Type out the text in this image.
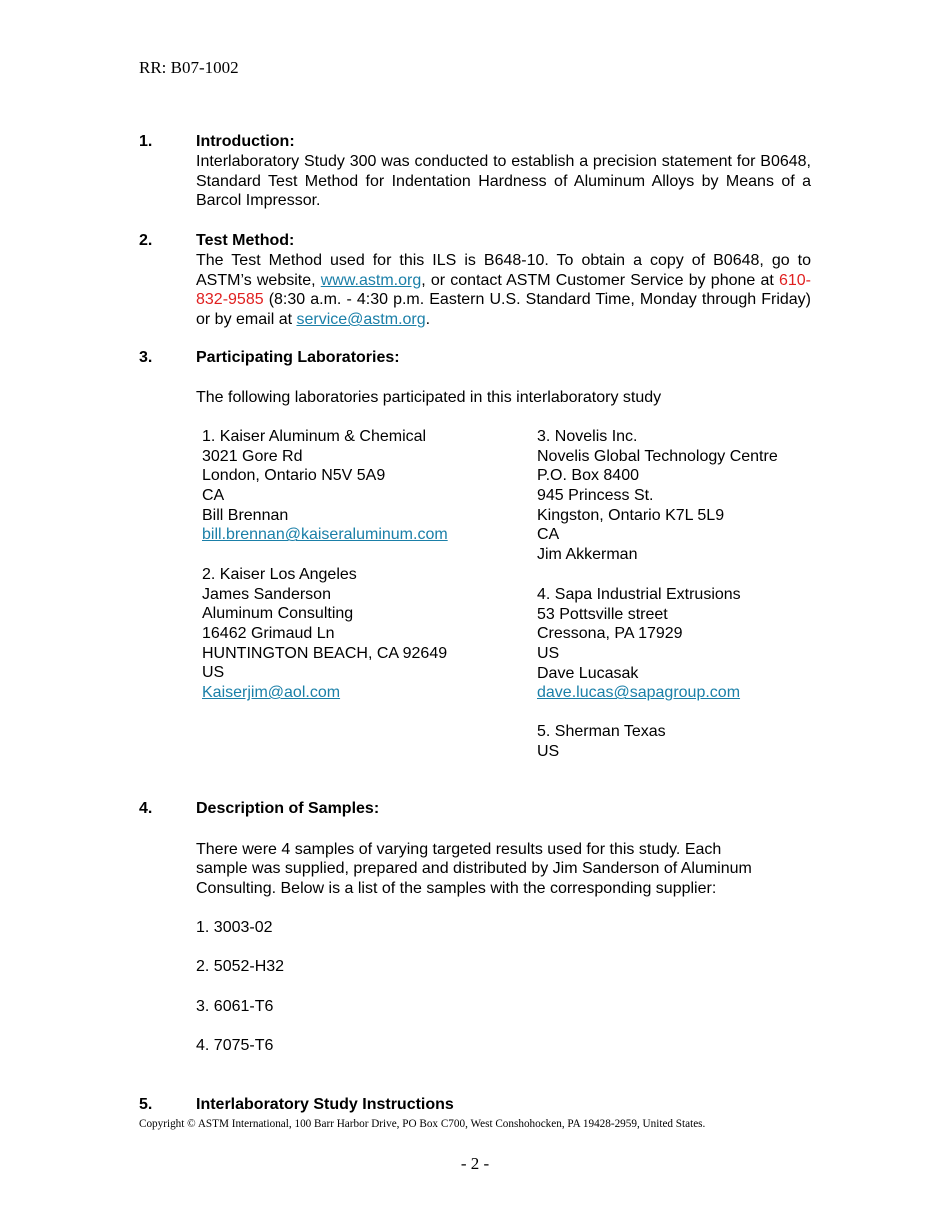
RR: B07-1002
1.	Introduction:
Interlaboratory Study 300 was conducted to establish a precision statement for B0648, Standard Test Method for Indentation Hardness of Aluminum Alloys by Means of a Barcol Impressor.
2.	Test Method:
The Test Method used for this ILS is B648-10. To obtain a copy of B0648, go to ASTM’s website, www.astm.org, or contact ASTM Customer Service by phone at 610-832-9585 (8:30 a.m. - 4:30 p.m. Eastern U.S. Standard Time, Monday through Friday) or by email at service@astm.org.
3.	Participating Laboratories:
The following laboratories participated in this interlaboratory study
1. Kaiser Aluminum & Chemical
3021 Gore Rd
London, Ontario N5V 5A9
CA
Bill Brennan
bill.brennan@kaiseraluminum.com
2. Kaiser Los Angeles
James Sanderson
Aluminum Consulting
16462 Grimaud Ln
HUNTINGTON BEACH, CA 92649
US
Kaiserjim@aol.com
3. Novelis Inc.
Novelis Global Technology Centre
P.O. Box 8400
945 Princess St.
Kingston, Ontario K7L 5L9
CA
Jim Akkerman
4. Sapa Industrial Extrusions
53 Pottsville street
Cressona, PA 17929
US
Dave Lucasak
dave.lucas@sapagroup.com
5. Sherman Texas
US
4.	Description of Samples:
There were 4 samples of varying targeted results used for this study. Each
sample was supplied, prepared and distributed by Jim Sanderson of Aluminum
Consulting. Below is a list of the samples with the corresponding supplier:
1. 3003-02
2. 5052-H32
3. 6061-T6
4. 7075-T6
5.	Interlaboratory Study Instructions
Copyright © ASTM International, 100 Barr Harbor Drive, PO Box C700, West Conshohocken, PA 19428-2959, United States.
- 2 -
